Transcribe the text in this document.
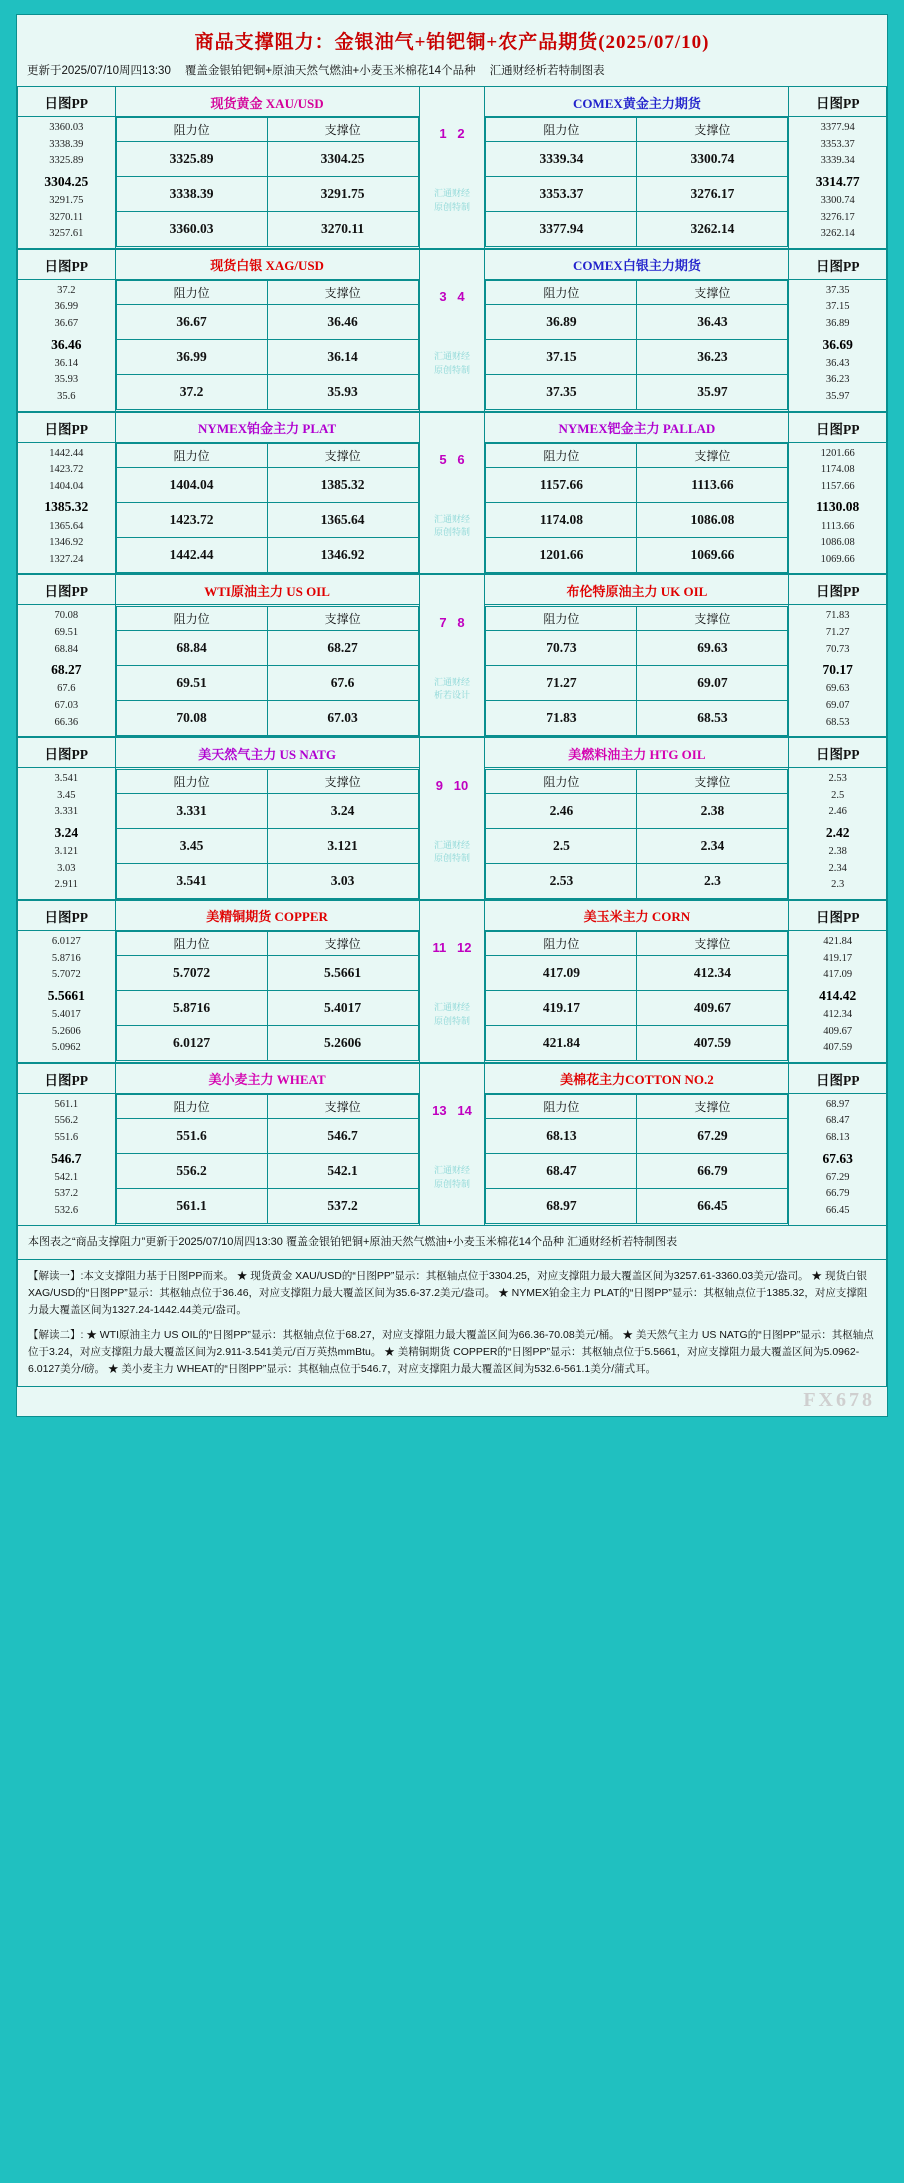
商品支撑阻力：金银油气+铂钯铜+农产品期货(2025/07/10)
更新于2025/07/10周四13:30 覆盖金银铂钯铜+原油天然气燃油+小麦玉米棉花14个品种 汇通财经析若特制图表
日图PP	现货黄金 XAU/USD

1 2
汇通财经
原创特制

COMEX黄金主力期货	日图PP

3360.03
3338.39
3325.89
3304.25
3291.75
3270.11
3257.61

阻力位	支撑位
3325.89	3304.25
3338.39	3291.75
3360.03	3270.11

阻力位	支撑位
3339.34	3300.74
3353.37	3276.17
3377.94	3262.14

3377.94
3353.37
3339.34
3314.77
3300.74
3276.17
3262.14
日图PP	现货白银 XAG/USD

3 4
汇通财经
原创特制

COMEX白银主力期货	日图PP

37.2
36.99
36.67
36.46
36.14
35.93
35.6

阻力位	支撑位
36.67	36.46
36.99	36.14
37.2	35.93

阻力位	支撑位
36.89	36.43
37.15	36.23
37.35	35.97

37.35
37.15
36.89
36.69
36.43
36.23
35.97
日图PP	NYMEX铂金主力 PLAT

5 6
汇通财经
原创特制

NYMEX钯金主力 PALLAD	日图PP

1442.44
1423.72
1404.04
1385.32
1365.64
1346.92
1327.24

阻力位	支撑位
1404.04	1385.32
1423.72	1365.64
1442.44	1346.92

阻力位	支撑位
1157.66	1113.66
1174.08	1086.08
1201.66	1069.66

1201.66
1174.08
1157.66
1130.08
1113.66
1086.08
1069.66
日图PP	WTI原油主力 US OIL

7 8
汇通财经
析若设计

布伦特原油主力 UK OIL	日图PP

70.08
69.51
68.84
68.27
67.6
67.03
66.36

阻力位	支撑位
68.84	68.27
69.51	67.6
70.08	67.03

阻力位	支撑位
70.73	69.63
71.27	69.07
71.83	68.53

71.83
71.27
70.73
70.17
69.63
69.07
68.53
日图PP	美天然气主力 US NATG

9 10
汇通财经
原创特制

美燃料油主力 HTG OIL	日图PP

3.541
3.45
3.331
3.24
3.121
3.03
2.911

阻力位	支撑位
3.331	3.24
3.45	3.121
3.541	3.03

阻力位	支撑位
2.46	2.38
2.5	2.34
2.53	2.3

2.53
2.5
2.46
2.42
2.38
2.34
2.3
日图PP	美精铜期货 COPPER

11 12
汇通财经
原创特制

美玉米主力 CORN	日图PP

6.0127
5.8716
5.7072
5.5661
5.4017
5.2606
5.0962

阻力位	支撑位
5.7072	5.5661
5.8716	5.4017
6.0127	5.2606

阻力位	支撑位
417.09	412.34
419.17	409.67
421.84	407.59

421.84
419.17
417.09
414.42
412.34
409.67
407.59
日图PP	美小麦主力 WHEAT

13 14
汇通财经
原创特制

美棉花主力COTTON NO.2	日图PP

561.1
556.2
551.6
546.7
542.1
537.2
532.6

阻力位	支撑位
551.6	546.7
556.2	542.1
561.1	537.2

阻力位	支撑位
68.13	67.29
68.47	66.79
68.97	66.45

68.97
68.47
68.13
67.63
67.29
66.79
66.45
本图表之“商品支撑阻力”更新于2025/07/10周四13:30 覆盖金银铂钯铜+原油天然气燃油+小麦玉米棉花14个品种 汇通财经析若特制图表

【解读一】:本文支撑阻力基于日图PP而来。 ★ 现货黄金 XAU/USD的“日图PP”显示：其枢轴点位于3304.25，对应支撑阻力最大覆盖区间为3257.61-3360.03美元/盎司。 ★ 现货白银 XAG/USD的“日图PP”显示：其枢轴点位于36.46，对应支撑阻力最大覆盖区间为35.6-37.2美元/盎司。 ★ NYMEX铂金主力 PLAT的“日图PP”显示：其枢轴点位于1385.32，对应支撑阻力最大覆盖区间为1327.24-1442.44美元/盎司。

【解读二】: ★ WTI原油主力 US OIL的“日图PP”显示：其枢轴点位于68.27，对应支撑阻力最大覆盖区间为66.36-70.08美元/桶。 ★ 美天然气主力 US NATG的“日图PP”显示：其枢轴点位于3.24，对应支撑阻力最大覆盖区间为2.911-3.541美元/百万英热mmBtu。 ★ 美精铜期货 COPPER的“日图PP”显示：其枢轴点位于5.5661，对应支撑阻力最大覆盖区间为5.0962-6.0127美分/磅。 ★ 美小麦主力 WHEAT的“日图PP”显示：其枢轴点位于546.7，对应支撑阻力最大覆盖区间为532.6-561.1美分/蒲式耳。

FX678
